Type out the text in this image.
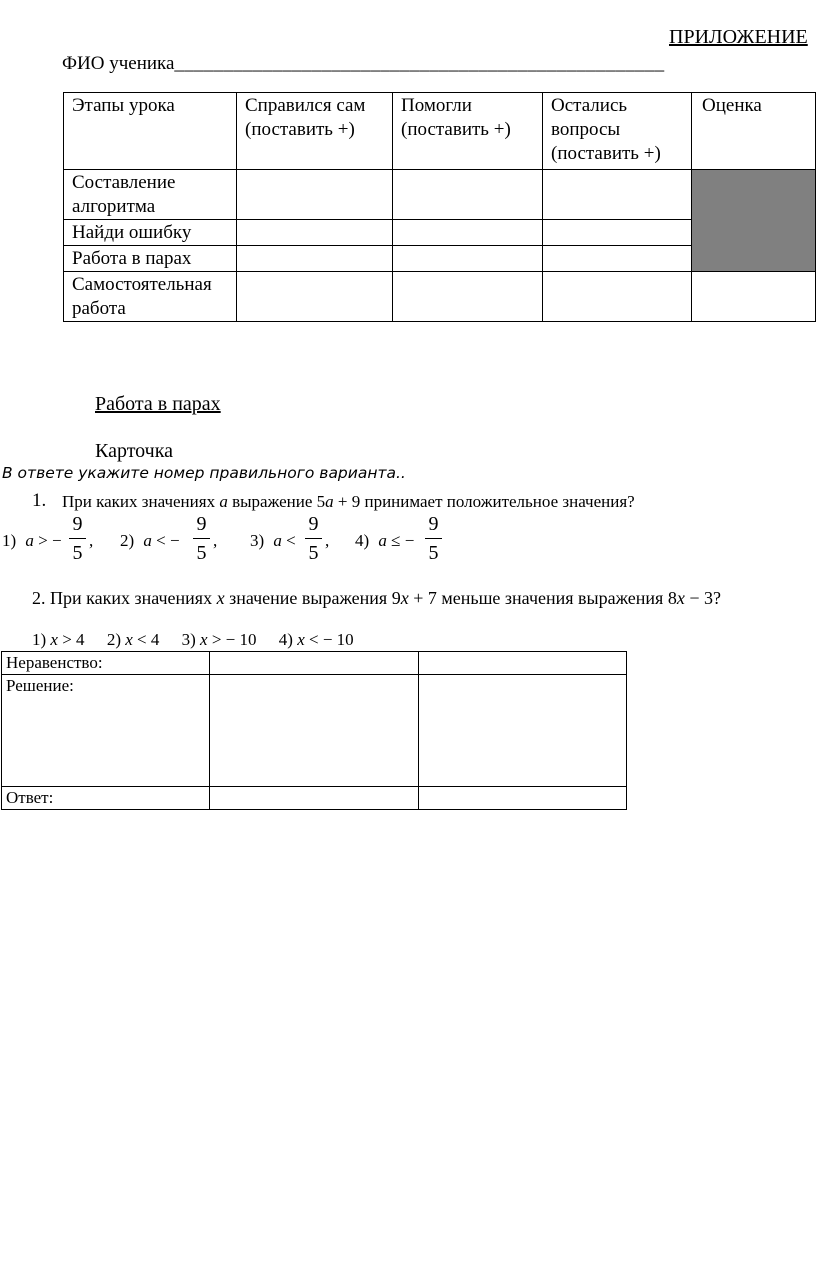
ПРИЛОЖЕНИЕ
ФИО ученика__________________________________________________
Этапы урока	Справился сам (поставить +)	Помогли (поставить +)	Остались вопросы (поставить +)	Оценка
Составление алгоритма				
Найди ошибку				
Работа в парах				
Самостоятельная работа				
Работа в парах
Карточка
В ответе укажите номер правильного варианта..
1. При каких значениях a выражение 5a + 9 принимает положительное значения?
1) a > −
9
5
, 2) a < −
9
5
, 3) a <
9
5
, 4) a ≤ −
9
5
2. При каких значениях x значение выражения 9x + 7 меньше значения выражения 8x − 3?
1) x > 4 2) x < 4 3) x > − 10 4) x < − 10
Неравенство:		
Решение:		
Ответ:		
